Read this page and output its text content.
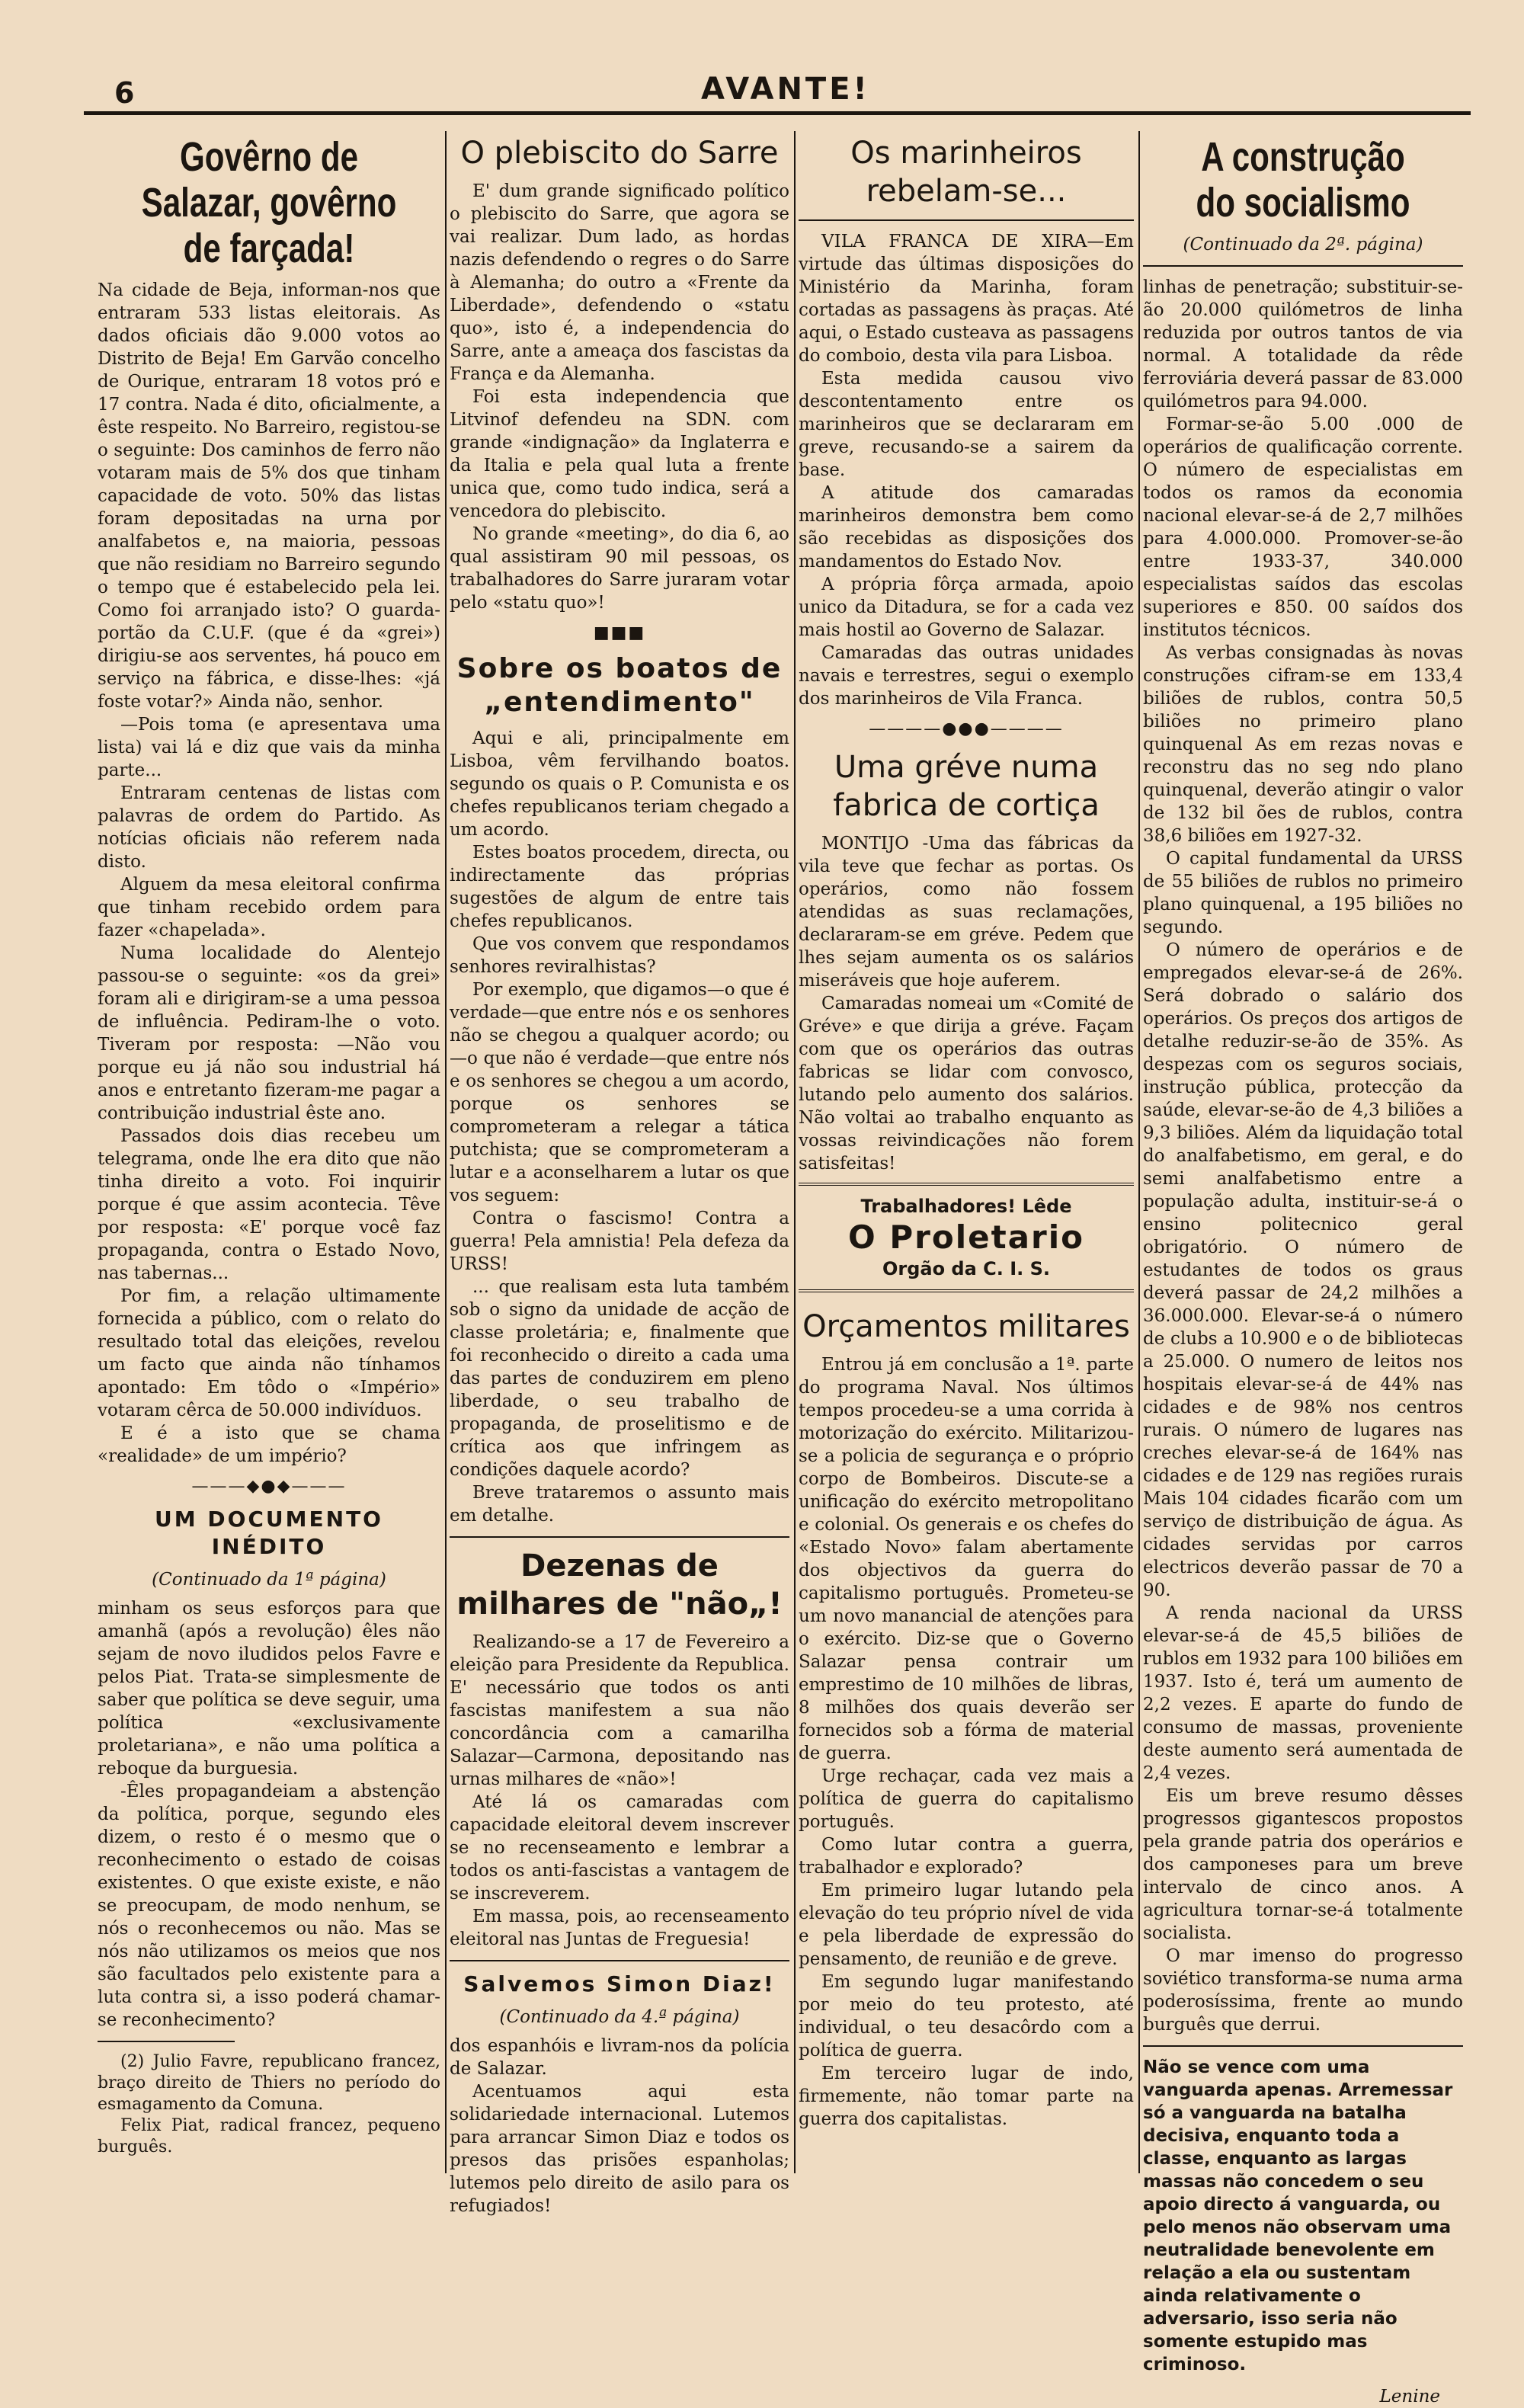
6	AVANTE!
Govêrno de Salazar, govêrno de farçada!

Na cidade de Beja, informan-nos que entraram 533 listas eleitorais. As dados oficiais dão 9.000 votos ao Distrito de Beja! Em Garvão concelho de Ourique, entraram 18 votos pró e 17 contra. Nada é dito, oficialmente, a êste respeito. No Barreiro, registou-se o seguinte: Dos caminhos de ferro não votaram mais de 5% dos que tinham capacidade de voto. 50% das listas foram depositadas na urna por analfabetos e, na maioria, pessoas que não residiam no Barreiro segundo o tempo que é estabelecido pela lei. Como foi arranjado isto? O guarda-portão da C.U.F. (que é da «grei») dirigiu-se aos serventes, há pouco em serviço na fábrica, e disse-lhes: «já foste votar?» Ainda não, senhor.

—Pois toma (e apresentava uma lista) vai lá e diz que vais da minha parte...

Entraram centenas de listas com palavras de ordem do Partido. As notícias oficiais não referem nada disto.

Alguem da mesa eleitoral confirma que tinham recebido ordem para fazer «chapelada».

Numa localidade do Alentejo passou-se o seguinte: «os da grei» foram ali e dirigiram-se a uma pessoa de influência. Pediram-lhe o voto. Tiveram por resposta: —Não vou porque eu já não sou industrial há anos e entretanto fizeram-me pagar a contribuição industrial êste ano.

Passados dois dias recebeu um telegrama, onde lhe era dito que não tinha direito a voto. Foi inquirir porque é que assim acontecia. Têve por resposta: «E' porque você faz propaganda, contra o Estado Novo, nas tabernas...

Por fim, a relação ultimamente fornecida a público, com o relato do resultado total das eleições, revelou um facto que ainda não tínhamos apontado: Em tôdo o «Império» votaram cêrca de 50.000 indivíduos.

E é a isto que se chama «realidade» de um império?

———◆●◆———
UM DOCUMENTO INÉDITO
(Continuado da 1ª página)

minham os seus esforços para que amanhã (após a revolução) êles não sejam de novo iludidos pelos Favre e pelos Piat. Trata-se simplesmente de saber que política se deve seguir, uma política «exclusivamente proletariana», e não uma política a reboque da burguesia.

-Êles propagandeiam a abstenção da política, porque, segundo eles dizem, o resto é o mesmo que o reconhecimento o estado de coisas existentes. O que existe existe, e não se preocupam, de modo nenhum, se nós o reconhecemos ou não. Mas se nós não utilizamos os meios que nos são facultados pelo existente para a luta contra si, a isso poderá chamar-se reconhecimento?

(2) Julio Favre, republicano francez, braço direito de Thiers no período do esmagamento da Comuna.

Felix Piat, radical francez, pequeno burguês.

O plebiscito do Sarre

E' dum grande significado político o plebiscito do Sarre, que agora se vai realizar. Dum lado, as hordas nazis defendendo o regres o do Sarre à Alemanha; do outro a «Frente da Liberdade», defendendo o «statu quo», isto é, a independencia do Sarre, ante a ameaça dos fascistas da França e da Alemanha.

Foi esta independencia que Litvinof defendeu na SDN. com grande «indignação» da Inglaterra e da Italia e pela qual luta a frente unica que, como tudo indica, será a vencedora do plebiscito.

No grande «meeting», do dia 6, ao qual assistiram 90 mil pessoas, os trabalhadores do Sarre juraram votar pelo «statu quo»!

■■■
Sobre os boatos de „entendimento"

Aqui e ali, principalmente em Lisboa, vêm fervilhando boatos. segundo os quais o P. Comunista e os chefes republicanos teriam chegado a um acordo.

Estes boatos procedem, directa, ou indirectamente das próprias sugestões de algum de entre tais chefes republicanos.

Que vos convem que respondamos senhores reviralhistas?

Por exemplo, que digamos—o que é verdade—que entre nós e os senhores não se chegou a qualquer acordo; ou—o que não é verdade—que entre nós e os senhores se chegou a um acordo, porque os senhores se comprometeram a relegar a tática putchista; que se comprometeram a lutar e a aconselharem a lutar os que vos seguem:

Contra o fascismo! Contra a guerra! Pela amnistia! Pela defeza da URSS!

... que realisam esta luta também sob o signo da unidade de acção de classe proletária; e, finalmente que foi reconhecido o direito a cada uma das partes de conduzirem em pleno liberdade, o seu trabalho de propaganda, de proselitismo e de crítica aos que infringem as condições daquele acordo?

Breve trataremos o assunto mais em detalhe.

Dezenas de milhares de "não„!

Realizando-se a 17 de Fevereiro a eleição para Presidente da Republica. E' necessário que todos os anti fascistas manifestem a sua não concordância com a camarilha Salazar—Carmona, depositando nas urnas milhares de «não»!

Até lá os camaradas com capacidade eleitoral devem inscrever se no recenseamento e lembrar a todos os anti-fascistas a vantagem de se inscreverem.

Em massa, pois, ao recenseamento eleitoral nas Juntas de Freguesia!

Salvemos Simon Diaz!
(Continuado da 4.ª página)

dos espanhóis e livram-nos da polícia de Salazar.

Acentuamos aqui esta solidariedade internacional. Lutemos para arrancar Simon Diaz e todos os presos das prisões espanholas; lutemos pelo direito de asilo para os refugiados!

Os marinheiros rebelam-se...

VILA FRANCA DE XIRA—Em virtude das últimas disposições do Ministério da Marinha, foram cortadas as passagens às praças. Até aqui, o Estado custeava as passagens do comboio, desta vila para Lisboa.

Esta medida causou vivo descontentamento entre os marinheiros que se declararam em greve, recusando-se a sairem da base.

A atitude dos camaradas marinheiros demonstra bem como são recebidas as disposições dos mandamentos do Estado Nov.

A própria fôrça armada, apoio unico da Ditadura, se for a cada vez mais hostil ao Governo de Salazar.

Camaradas das outras unidades navais e terrestres, segui o exemplo dos marinheiros de Vila Franca.

————●●●————
Uma gréve numa fabrica de cortiça

MONTIJO -Uma das fábricas da vila teve que fechar as portas. Os operários, como não fossem atendidas as suas reclamações, declararam-se em gréve. Pedem que lhes sejam aumenta os os salários miseráveis que hoje auferem.

Camaradas nomeai um «Comité de Gréve» e que dirija a gréve. Façam com que os operários das outras fabricas se lidar com convosco, lutando pelo aumento dos salários. Não voltai ao trabalho enquanto as vossas reivindicações não forem satisfeitas!

Trabalhadores! Lêde
O Proletario
Orgão da C. I. S.
Orçamentos militares

Entrou já em conclusão a 1ª. parte do programa Naval. Nos últimos tempos procedeu-se a uma corrida à motorização do exército. Militarizou-se a policia de segurança e o próprio corpo de Bombeiros. Discute-se a unificação do exército metropolitano e colonial. Os generais e os chefes do «Estado Novo» falam abertamente dos objectivos da guerra do capitalismo português. Prometeu-se um novo manancial de atenções para o exército. Diz-se que o Governo Salazar pensa contrair um emprestimo de 10 milhões de libras, 8 milhões dos quais deverão ser fornecidos sob a fórma de material de guerra.

Urge rechaçar, cada vez mais a política de guerra do capitalismo português.

Como lutar contra a guerra, trabalhador e explorado?

Em primeiro lugar lutando pela elevação do teu próprio nível de vida e pela liberdade de expressão do pensamento, de reunião e de greve.

Em segundo lugar manifestando por meio do teu protesto, até individual, o teu desacôrdo com a política de guerra.

Em terceiro lugar de indo, firmemente, não tomar parte na guerra dos capitalistas.

A construção do socialismo
(Continuado da 2ª. página)

linhas de penetração; substituir-se-ão 20.000 quilómetros de linha reduzida por outros tantos de via normal. A totalidade da rêde ferroviária deverá passar de 83.000 quilómetros para 94.000.

Formar-se-ão 5.00 .000 de operários de qualificação corrente. O número de especialistas em todos os ramos da economia nacional elevar-se-á de 2,7 milhões para 4.000.000. Promover-se-ão entre 1933-37, 340.000 especialistas saídos das escolas superiores e 850. 00 saídos dos institutos técnicos.

As verbas consignadas às novas construções cifram-se em 133,4 biliões de rublos, contra 50,5 biliões no primeiro plano quinquenal As em rezas novas e reconstru das no seg ndo plano quinquenal, deverão atingir o valor de 132 bil ões de rublos, contra 38,6 biliões em 1927-32.

O capital fundamental da URSS de 55 biliões de rublos no primeiro plano quinquenal, a 195 biliões no segundo.

O número de operários e de empregados elevar-se-á de 26%. Será dobrado o salário dos operários. Os preços dos artigos de detalhe reduzir-se-ão de 35%. As despezas com os seguros sociais, instrução pública, protecção da saúde, elevar-se-ão de 4,3 biliões a 9,3 biliões. Além da liquidação total do analfabetismo, em geral, e do semi analfabetismo entre a população adulta, instituir-se-á o ensino politecnico geral obrigatório. O número de estudantes de todos os graus deverá passar de 24,2 milhões a 36.000.000. Elevar-se-á o número de clubs a 10.900 e o de bibliotecas a 25.000. O numero de leitos nos hospitais elevar-se-á de 44% nas cidades e de 98% nos centros rurais. O número de lugares nas creches elevar-se-á de 164% nas cidades e de 129 nas regiões rurais Mais 104 cidades ficarão com um serviço de distribuição de água. As cidades servidas por carros electricos deverão passar de 70 a 90.

A renda nacional da URSS elevar-se-á de 45,5 biliões de rublos em 1932 para 100 biliões em 1937. Isto é, terá um aumento de 2,2 vezes. E aparte do fundo de consumo de massas, proveniente deste aumento será aumentada de 2,4 vezes.

Eis um breve resumo dêsses progressos gigantescos propostos pela grande patria dos operários e dos camponeses para um breve intervalo de cinco anos. A agricultura tornar-se-á totalmente socialista.

O mar imenso do progresso soviético transforma-se numa arma poderosíssima, frente ao mundo burguês que derrui.

Não se vence com uma vanguarda apenas. Arremessar só a vanguarda na batalha decisiva, enquanto toda a classe, enquanto as largas massas não concedem o seu apoio directo á vanguarda, ou pelo menos não observam uma neutralidade benevolente em relação a ela ou sustentam ainda relativamente o adversario, isso seria não somente estupido mas criminoso.
Lenine
